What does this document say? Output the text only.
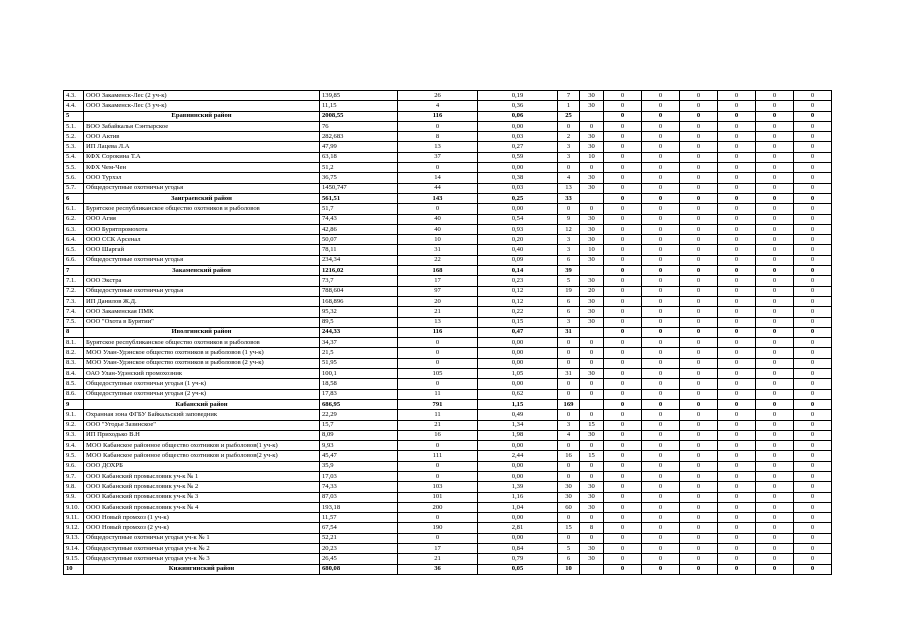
4.3.	ООО Закаменск-Лес (2 уч-к)	139,85	26	0,19	7	30	0	0	0	0	0	0
4.4.	ООО Закаменск-Лес (3 уч-к)	11,15	4	0,36	1	30	0	0	0	0	0	0
5	Еравнинский район	2008,55	116	0,06	25		0	0	0	0	0	0
5.1.	ВОО Забайкалья Сэнтырское	76	0	0,00	0	0	0	0	0	0	0	0
5.2.	ООО Актив	282,683	8	0,03	2	30	0	0	0	0	0	0
5.3.	ИП Лацева Л.А	47,99	13	0,27	3	30	0	0	0	0	0	0
5.4.	КФХ Сорокина Т.А	63,18	37	0,59	3	10	0	0	0	0	0	0
5.5.	КФХ Чем-Чен	51,2	0	0,00	0	0	0	0	0	0	0	0
5.6.	ООО Турхэл	36,75	14	0,38	4	30	0	0	0	0	0	0
5.7.	Общедоступные охотничьи угодья	1450,747	44	0,03	13	30	0	0	0	0	0	0
6	Заиграевский район	561,51	143	0,25	33		0	0	0	0	0	0
6.1.	Бурятское республиканское общество охотников и рыболовов	51,7	0	0,00	0	0	0	0	0	0	0	0
6.2.	ООО Агия	74,43	40	0,54	9	30	0	0	0	0	0	0
6.3.	ООО Бурятпромохота	42,86	40	0,93	12	30	0	0	0	0	0	0
6.4.	ООО ССК Арсенал	50,07	10	0,20	3	30	0	0	0	0	0	0
6.5.	ООО Шаргай	78,11	31	0,40	3	10	0	0	0	0	0	0
6.6.	Общедоступные охотничьи угодья	234,34	22	0,09	6	30	0	0	0	0	0	0
7	Закаменский район	1216,02	168	0,14	39		0	0	0	0	0	0
7.1.	ООО Экстра	73,7	17	0,23	5	30	0	0	0	0	0	0
7.2.	Общедоступные охотничьи угодья	788,604	97	0,12	19	20	0	0	0	0	0	0
7.3.	ИП Данилов Ж.Д.	168,896	20	0,12	6	30	0	0	0	0	0	0
7.4.	ООО Закаменская ПМК	95,32	21	0,22	6	30	0	0	0	0	0	0
7.5.	ООО "Охота в Бурятии"	89,5	13	0,15	3	30	0	0	0	0	0	0
8	Иволгинский район	244,33	116	0,47	31		0	0	0	0	0	0
8.1.	Бурятское республиканское общество охотников и рыболовов	34,37	0	0,00	0	0	0	0	0	0	0	0
8.2.	МОО Улан-Удэнское общество охотников и рыболовов (1 уч-к)	21,5	0	0,00	0	0	0	0	0	0	0	0
8.3.	МОО Улан-Удэнское общество охотников и рыболовов (2 уч-к)	51,95	0	0,00	0	0	0	0	0	0	0	0
8.4.	ОАО Улан-Удэнский промохозник	100,1	105	1,05	31	30	0	0	0	0	0	0
8.5.	Общедоступные охотничьи угодья (1 уч-к)	18,58	0	0,00	0	0	0	0	0	0	0	0
8.6.	Общедоступные охотничьи угодья (2 уч-к)	17,83	11	0,62	0	0	0	0	0	0	0	0
9	Кабанский район	686,95	791	1,15	169		0	0	0	0	0	0
9.1.	Охранная зона ФГБУ Байкальский заповедник	22,29	11	0,49	0	0	0	0	0	0	0	0
9.2.	ООО "Угодье Зазинское"	15,7	21	1,34	3	15	0	0	0	0	0	0
9.3.	ИП Приходько В.Н	8,09	16	1,98	4	30	0	0	0	0	0	0
9.4.	МОО Кабанское районное общество охотников и рыболовов(1 уч-к)	9,93	0	0,00	0	0	0	0	0	0	0	0
9.5.	МОО Кабанское районное общество охотников и рыболовов(2 уч-к)	45,47	111	2,44	16	15	0	0	0	0	0	0
9.6.	ООО ДОХРБ	35,9	0	0,00	0	0	0	0	0	0	0	0
9.7.	ООО Кабанский промысловик уч-к № 1	17,03	0	0,00	0	0	0	0	0	0	0	0
9.8.	ООО Кабанский промысловик уч-к № 2	74,33	103	1,39	30	30	0	0	0	0	0	0
9.9.	ООО Кабанский промысловик уч-к № 3	87,03	101	1,16	30	30	0	0	0	0	0	0
9.10.	ООО Кабанский промысловик уч-к № 4	193,18	200	1,04	60	30	0	0	0	0	0	0
9.11.	ООО Новый промхоз (1 уч-к)	11,57	0	0,00	0	0	0	0	0	0	0	0
9.12.	ООО Новый промхоз (2 уч-к)	67,54	190	2,81	15	8	0	0	0	0	0	0
9.13.	Общедоступные охотничьи угодья уч-к № 1	52,21	0	0,00	0	0	0	0	0	0	0	0
9.14.	Общедоступные охотничьи угодья уч-к № 2	20,23	17	0,84	5	30	0	0	0	0	0	0
9.15.	Общедоступные охотничьи угодья уч-к № 3	26,45	21	0,79	6	30	0	0	0	0	0	0
10	Кижингинский район	680,08	36	0,05	10		0	0	0	0	0	0
